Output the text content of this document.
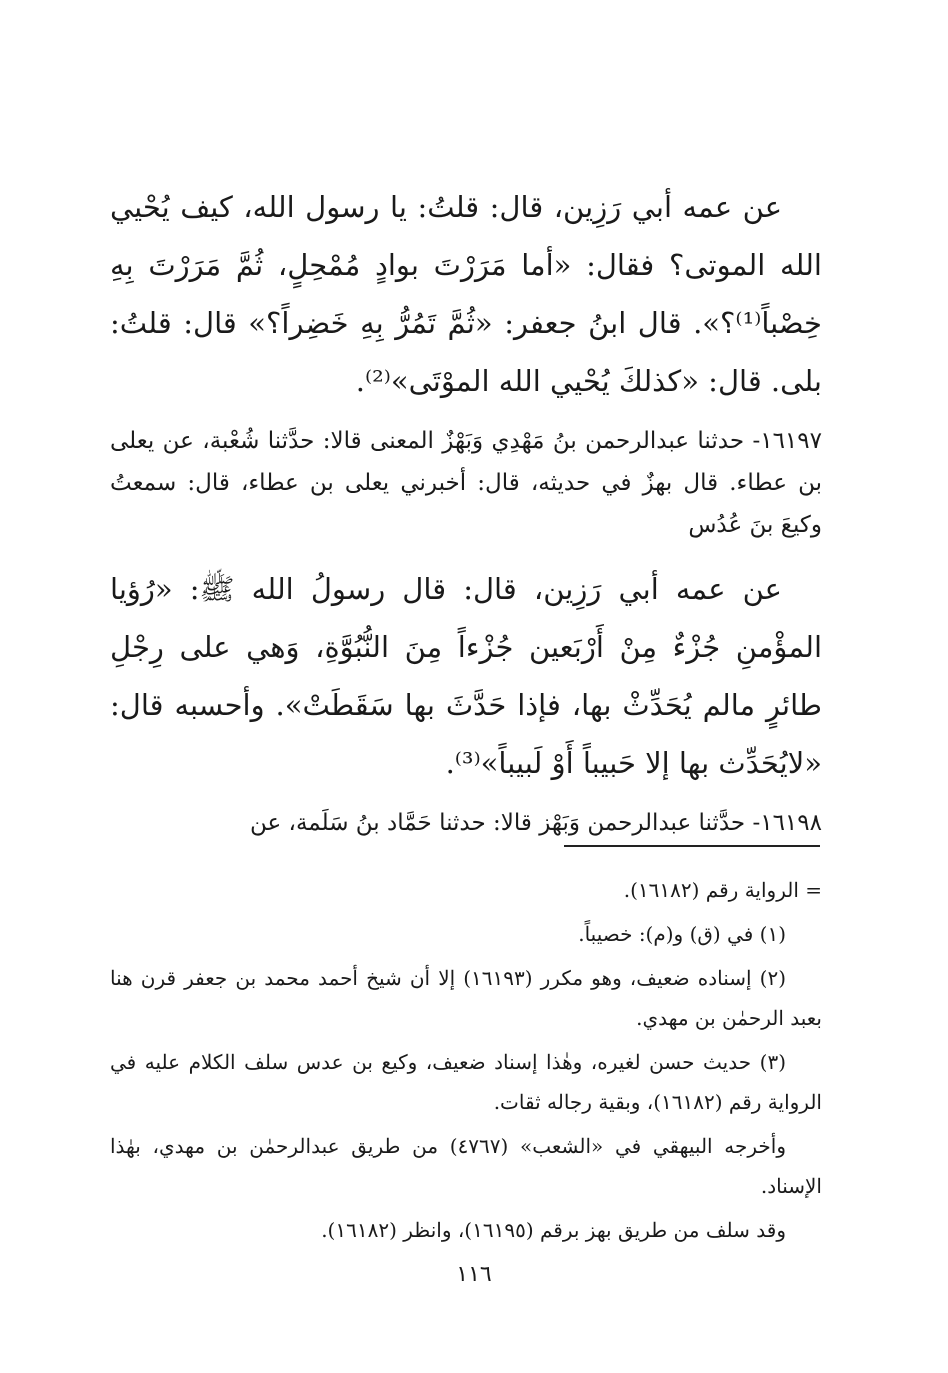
عن عمه أبي رَزِين، قال: قلتُ: يا رسول الله، كيف يُحْيي الله الموتى؟ فقال: «أما مَرَرْتَ بوادٍ مُمْحِلٍ، ثُمَّ مَرَرْتَ بِهِ خِصْباً⁽¹⁾؟». قال ابنُ جعفر: «ثُمَّ تَمُرُّ بِهِ خَضِراً؟» قال: قلتُ: بلى. قال: «كذلكَ يُحْيي الله الموْتَى»⁽²⁾.

١٦١٩٧- حدثنا عبدالرحمن بنُ مَهْدِي وَبَهْزٌ المعنى قالا: حدَّثنا شُعْبة، عن يعلى بن عطاء. قال بهزٌ في حديثه، قال: أخبرني يعلى بن عطاء، قال: سمعتُ وكيعَ بنَ عُدُس

عن عمه أبي رَزِين، قال: قال رسولُ الله ﷺ: «رُؤيا المؤْمنِ جُزْءٌ مِنْ أَرْبَعين جُزْءاً مِنَ النُّبُوَّةِ، وَهي على رِجْلِ طائرٍ مالم يُحَدِّثْ بها، فإذا حَدَّثَ بها سَقَطَتْ». وأحسبه قال: «لايُحَدِّث بها إلا حَبيباً أَوْ لَبيباً»⁽³⁾.

١٦١٩٨- حدَّثنا عبدالرحمن وَبَهْز قالا: حدثنا حَمَّاد بنُ سَلَمة، عن

= الرواية رقم (١٦١٨٢).

(١) في (ق) و(م): خصيباً.

(٢) إسناده ضعيف، وهو مكرر (١٦١٩٣) إلا أن شيخ أحمد محمد بن جعفر قرن هنا بعبد الرحمٰن بن مهدي.

(٣) حديث حسن لغيره، وهٰذا إسناد ضعيف، وكيع بن عدس سلف الكلام عليه في الرواية رقم (١٦١٨٢)، وبقية رجاله ثقات.

وأخرجه البيهقي في «الشعب» (٤٧٦٧) من طريق عبدالرحمٰن بن مهدي، بهٰذا الإسناد.

وقد سلف من طريق بهز برقم (١٦١٩٥)، وانظر (١٦١٨٢).

١١٦
